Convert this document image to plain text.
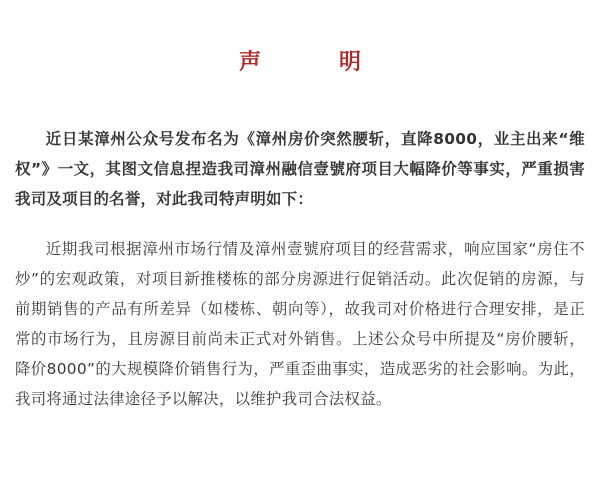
声　明

近日某漳州公众号发布名为《漳州房价突然腰斩，直降8000，业主出来“维权”》一文，其图文信息捏造我司漳州融信壹號府项目大幅降价等事实，严重损害我司及项目的名誉，对此我司特声明如下：

近期我司根据漳州市场行情及漳州壹號府项目的经营需求，响应国家“房住不炒”的宏观政策，对项目新推楼栋的部分房源进行促销活动。此次促销的房源，与前期销售的产品有所差异（如楼栋、朝向等），故我司对价格进行合理安排，是正常的市场行为，且房源目前尚未正式对外销售。上述公众号中所提及“房价腰斩，降价8000”的大规模降价销售行为，严重歪曲事实，造成恶劣的社会影响。为此，我司将通过法律途径予以解决，以维护我司合法权益。
